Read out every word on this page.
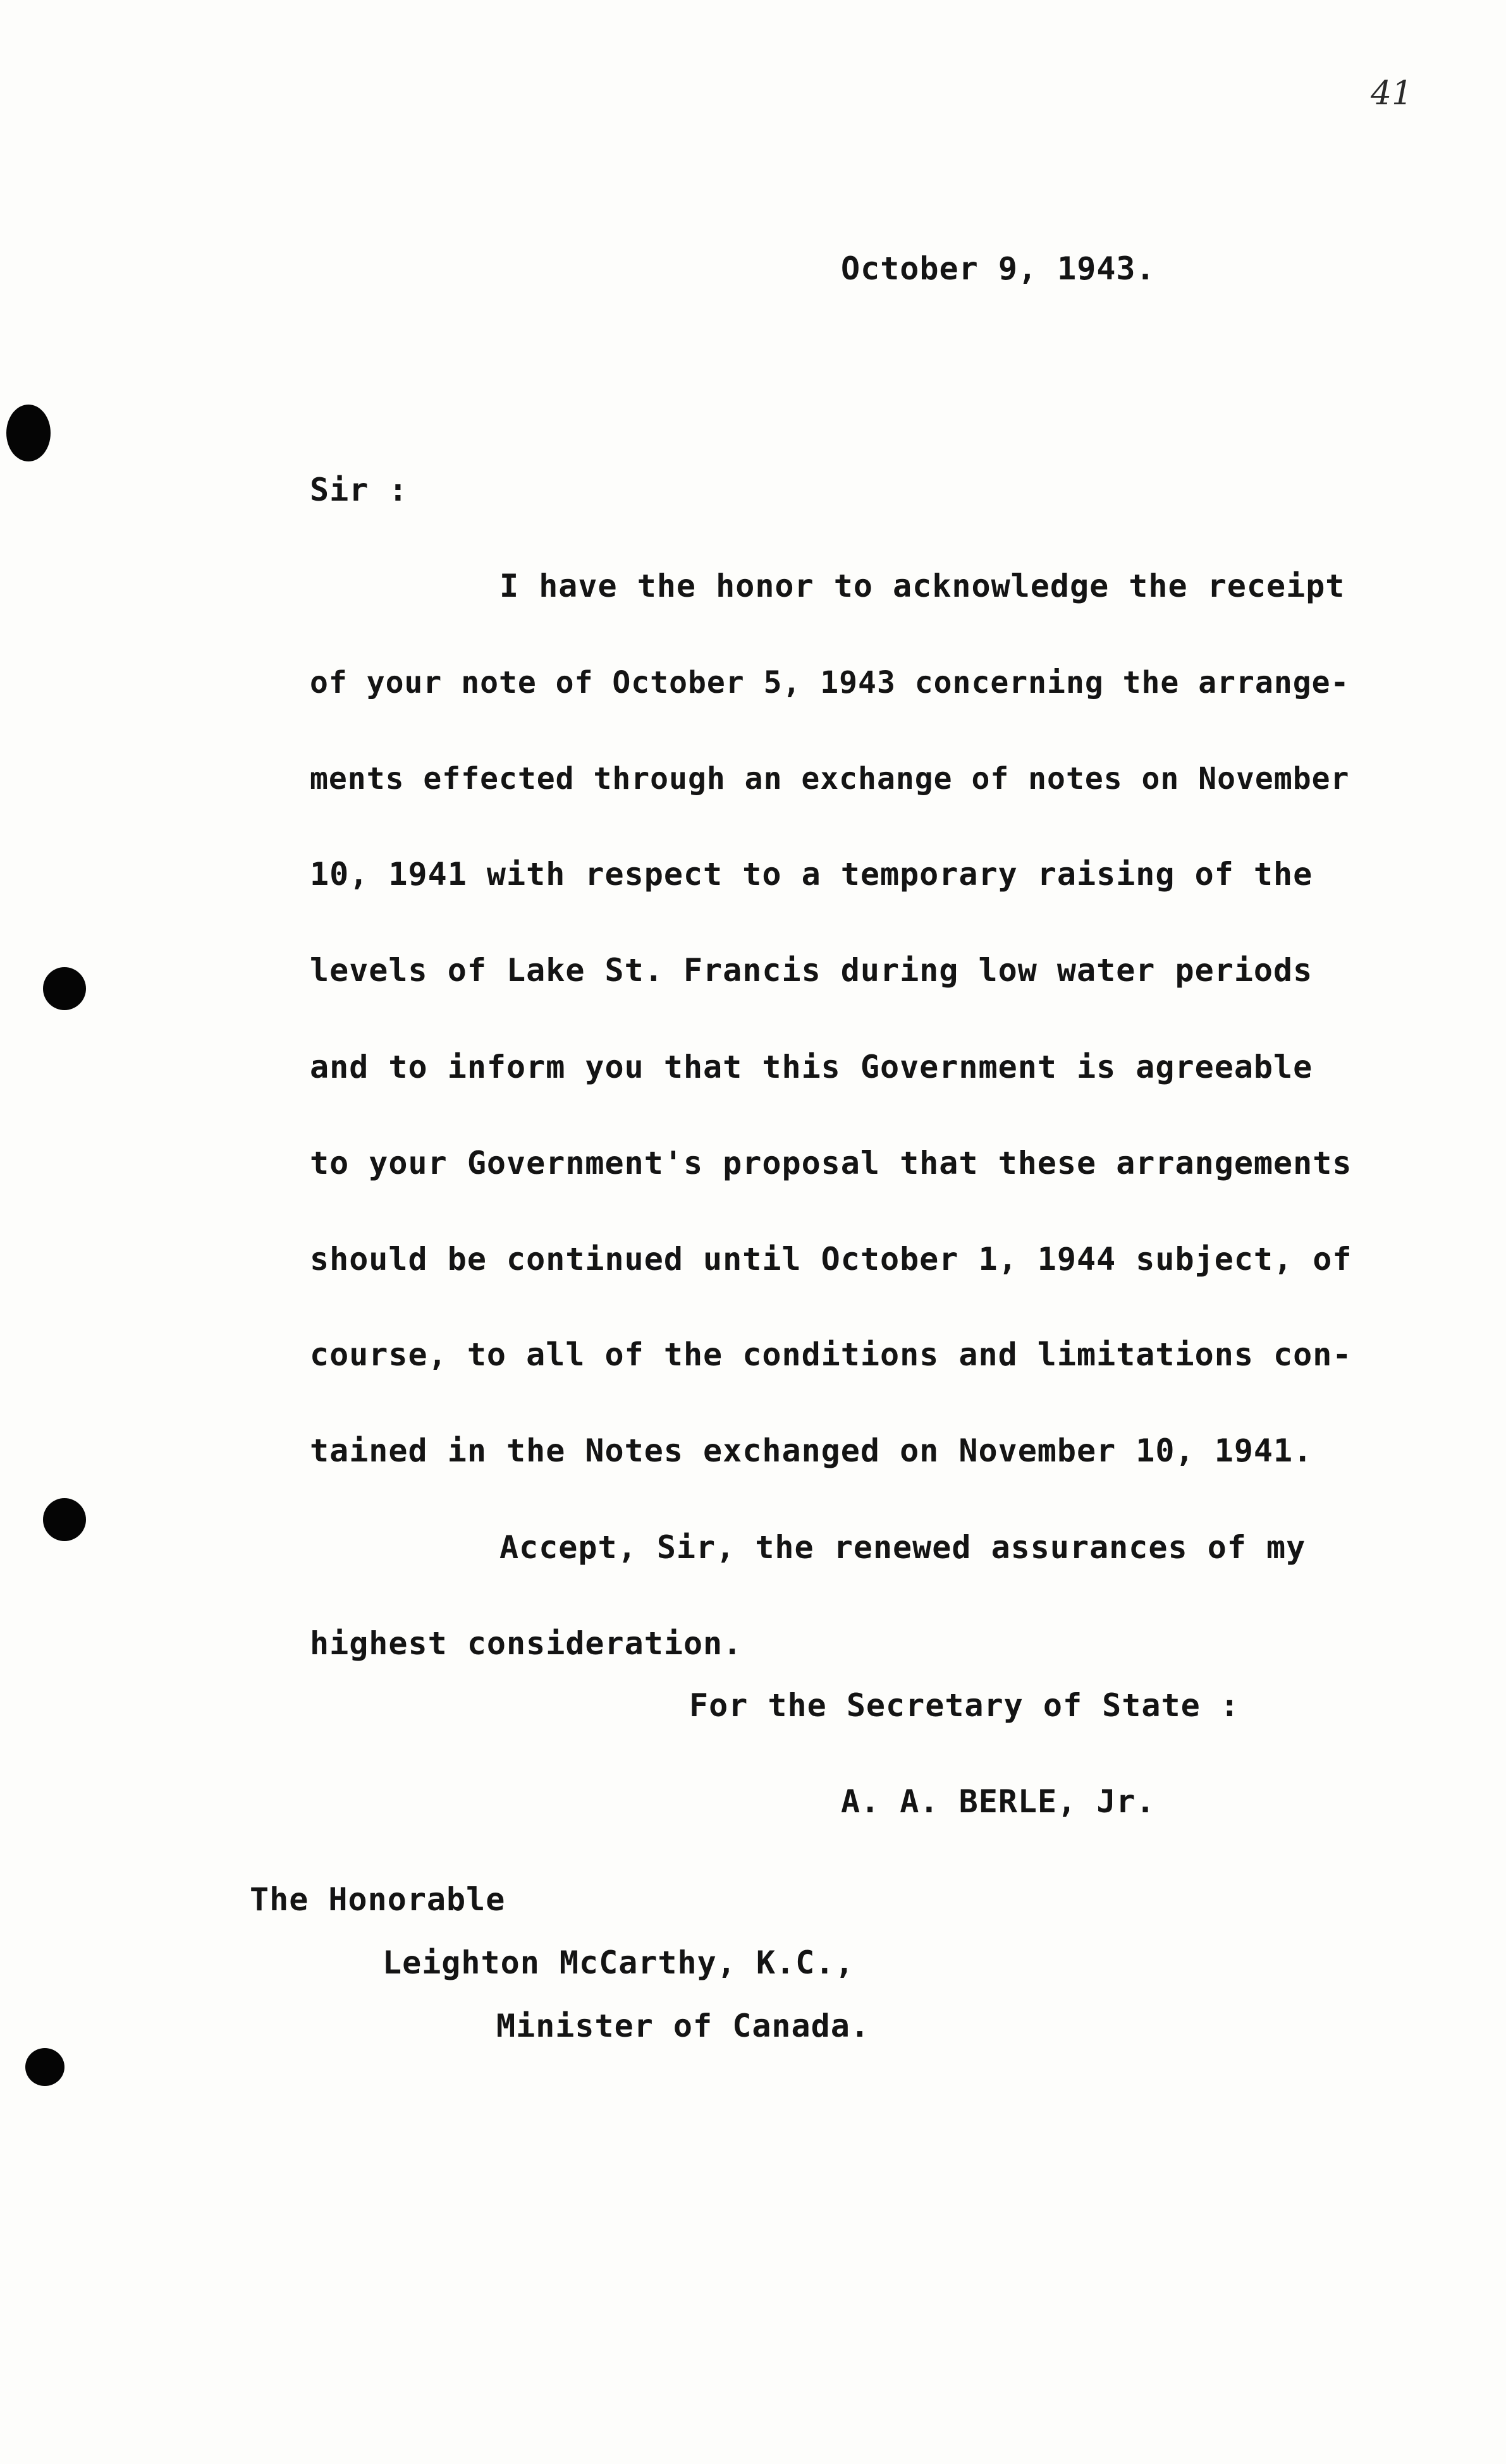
41
October 9, 1943.
Sir :
I have the honor to acknowledge the receipt
of your note of October 5, 1943 concerning the arrange-
ments effected through an exchange of notes on November
10, 1941 with respect to a temporary raising of the
levels of Lake St. Francis during low water periods
and to inform you that this Government is agreeable
to your Government's proposal that these arrangements
should be continued until October 1, 1944 subject, of
course, to all of the conditions and limitations con-
tained in the Notes exchanged on November 10, 1941.
Accept, Sir, the renewed assurances of my
highest consideration.
For the Secretary of State :
A. A. BERLE, Jr.
The Honorable
Leighton McCarthy, K.C.,
Minister of Canada.
